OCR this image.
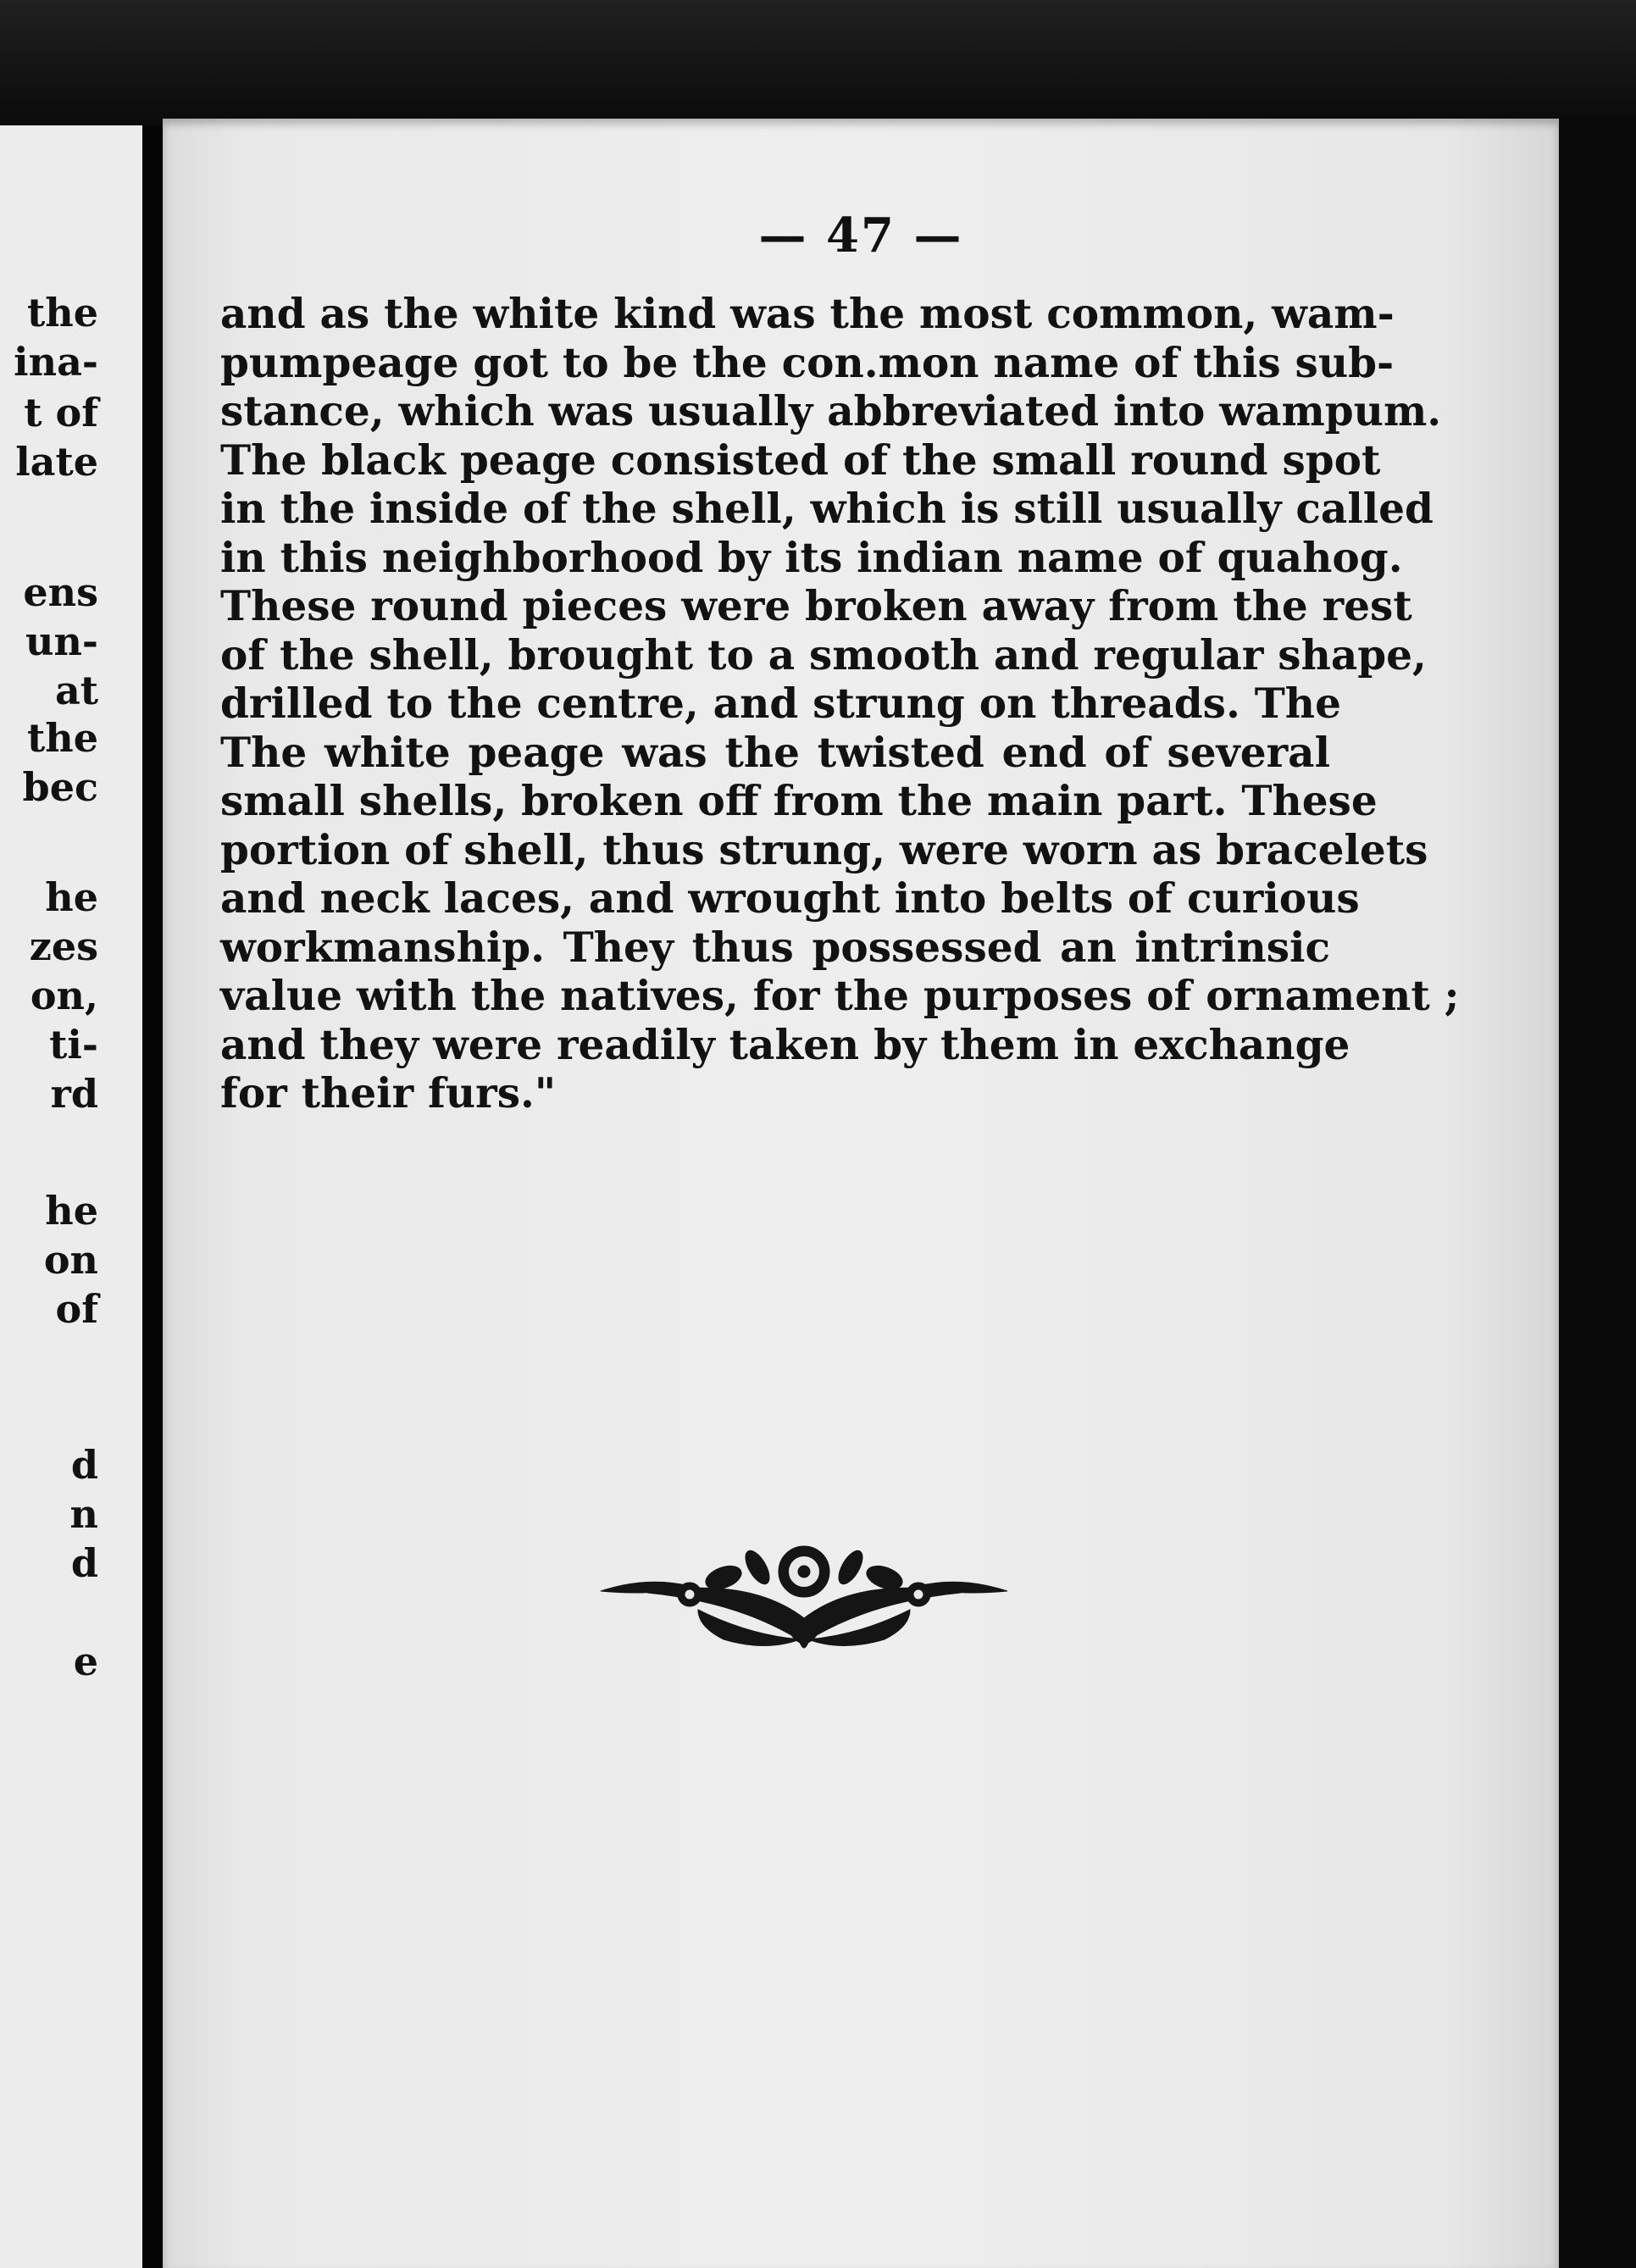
the
ina-
t of
late
ens
un-
at
the
bec
he
zes
on,
ti-
rd
he
on
of
d
n
d
e
— 47 —
and as the white kind was the most common, wam-
pumpeage got to be the con.mon name of this sub-
stance, which was usually abbreviated into wampum.
The black peage consisted of the small round spot
in the inside of the shell, which is still usually called
in this neighborhood by its indian name of quahog.
These round pieces were broken away from the rest
of the shell, brought to a smooth and regular shape,
drilled to the centre, and strung on threads. The
The white peage was the twisted end of several
small shells, broken off from the main part. These
portion of shell, thus strung, were worn as bracelets
and neck laces, and wrought into belts of curious
workmanship. They thus possessed an intrinsic
value with the natives, for the purposes of ornament ;
and they were readily taken by them in exchange
for their furs."
